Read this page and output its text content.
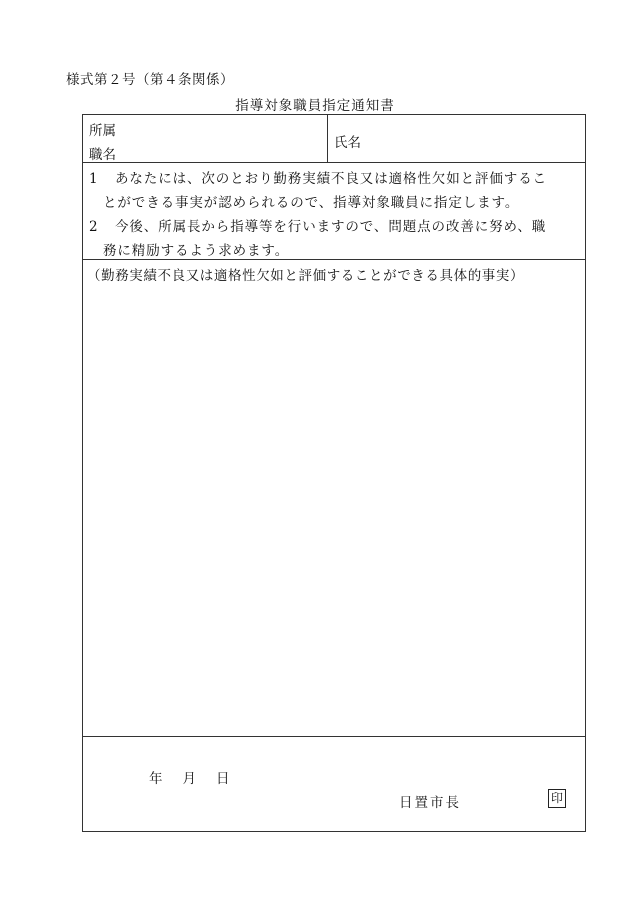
様式第２号（第４条関係）
指導対象職員指定通知書
所属
職名
氏名
1 あなたには、次のとおり勤務実績不良又は適格性欠如と評価するこ
とができる事実が認められるので、指導対象職員に指定します。
2 今後、所属長から指導等を行いますので、問題点の改善に努め、職
務に精励するよう求めます。
（勤務実績不良又は適格性欠如と評価することができる具体的事実）
年 月 日
日置市長	印
